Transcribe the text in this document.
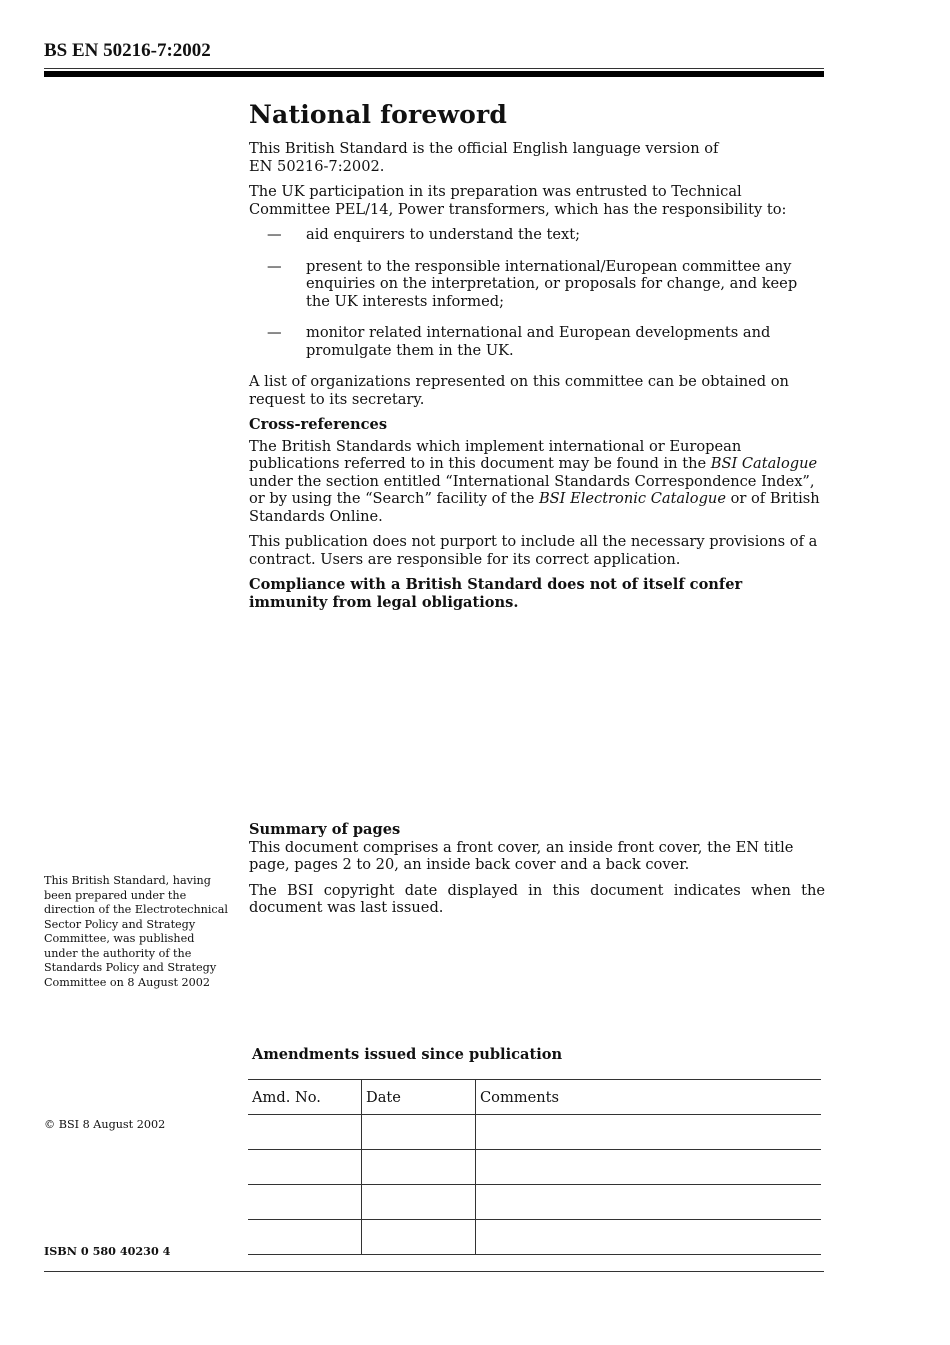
BS EN 50216-7:2002
National foreword

This British Standard is the official English language version of EN 50216-7:2002.

The UK participation in its preparation was entrusted to Technical Committee PEL/14, Power transformers, which has the responsibility to:

—	aid enquirers to understand the text;
—	present to the responsible international/European committee any enquiries on the interpretation, or proposals for change, and keep the UK interests informed;
—	monitor related international and European developments and promulgate them in the UK.

A list of organizations represented on this committee can be obtained on request to its secretary.

Cross-references

The British Standards which implement international or European publications referred to in this document may be found in the BSI Catalogue under the section entitled “International Standards Correspondence Index”, or by using the “Search” facility of the BSI Electronic Catalogue or of British Standards Online.

This publication does not purport to include all the necessary provisions of a contract. Users are responsible for its correct application.

Compliance with a British Standard does not of itself confer immunity from legal obligations.

Summary of pages

This document comprises a front cover, an inside front cover, the EN title page, pages 2 to 20, an inside back cover and a back cover.

The BSI copyright date displayed in this document indicates when the document was last issued.

This British Standard, having been prepared under the direction of the Electrotechnical Sector Policy and Strategy Committee, was published under the authority of the Standards Policy and Strategy Committee on 8 August 2002
© BSI 8 August 2002
ISBN 0 580 40230 4
Amendments issued since publication
Amd. No.	Date	Comments
